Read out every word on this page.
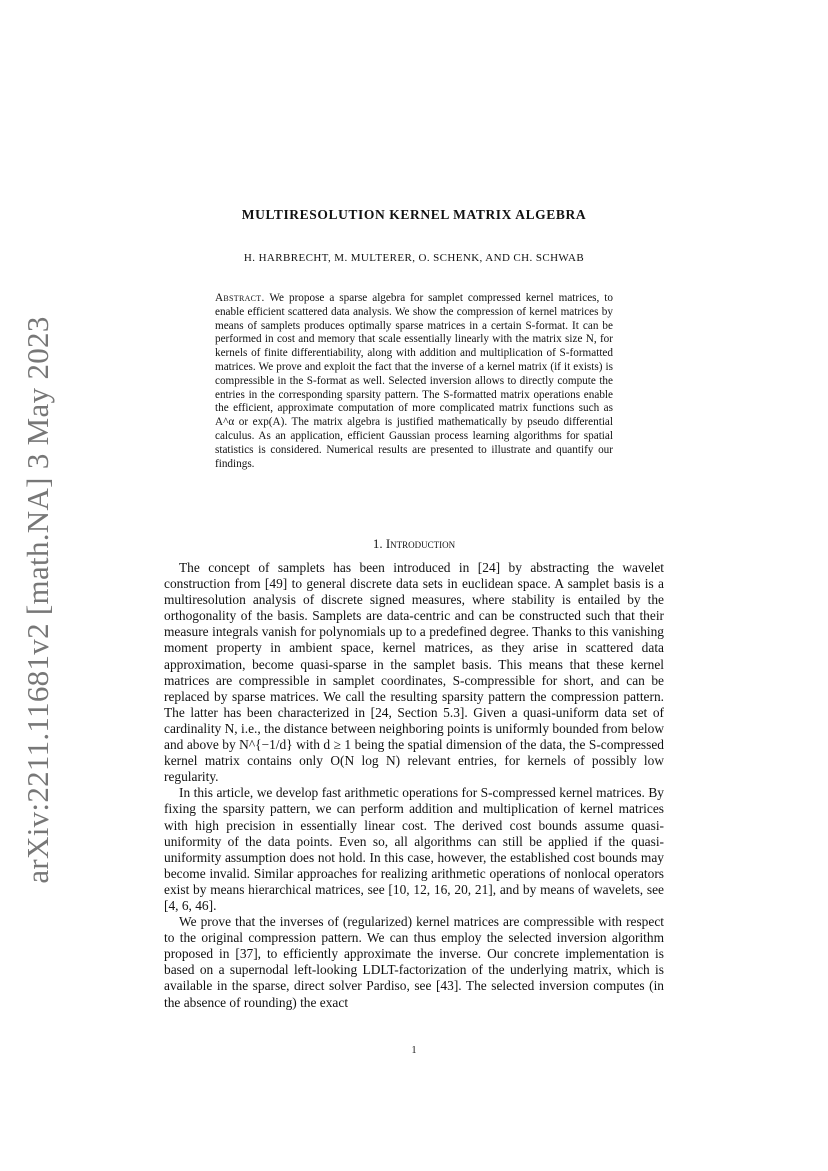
arXiv:2211.11681v2 [math.NA] 3 May 2023
MULTIRESOLUTION KERNEL MATRIX ALGEBRA
H. HARBRECHT, M. MULTERER, O. SCHENK, AND CH. SCHWAB
Abstract. We propose a sparse algebra for samplet compressed kernel matrices, to enable efficient scattered data analysis. We show the compression of kernel matrices by means of samplets produces optimally sparse matrices in a certain S-format. It can be performed in cost and memory that scale essentially linearly with the matrix size N, for kernels of finite differentiability, along with addition and multiplication of S-formatted matrices. We prove and exploit the fact that the inverse of a kernel matrix (if it exists) is compressible in the S-format as well. Selected inversion allows to directly compute the entries in the corresponding sparsity pattern. The S-formatted matrix operations enable the efficient, approximate computation of more complicated matrix functions such as A^α or exp(A). The matrix algebra is justified mathematically by pseudo differential calculus. As an application, efficient Gaussian process learning algorithms for spatial statistics is considered. Numerical results are presented to illustrate and quantify our findings.
1. Introduction

The concept of samplets has been introduced in [24] by abstracting the wavelet construction from [49] to general discrete data sets in euclidean space. A samplet basis is a multiresolution analysis of discrete signed measures, where stability is entailed by the orthogonality of the basis. Samplets are data-centric and can be constructed such that their measure integrals vanish for polynomials up to a predefined degree. Thanks to this vanishing moment property in ambient space, kernel matrices, as they arise in scattered data approximation, become quasi-sparse in the samplet basis. This means that these kernel matrices are compressible in samplet coordinates, S-compressible for short, and can be replaced by sparse matrices. We call the resulting sparsity pattern the compression pattern. The latter has been characterized in [24, Section 5.3]. Given a quasi-uniform data set of cardinality N, i.e., the distance between neighboring points is uniformly bounded from below and above by N^{−1/d} with d ≥ 1 being the spatial dimension of the data, the S-compressed kernel matrix contains only O(N log N) relevant entries, for kernels of possibly low regularity.

In this article, we develop fast arithmetic operations for S-compressed kernel matrices. By fixing the sparsity pattern, we can perform addition and multiplication of kernel matrices with high precision in essentially linear cost. The derived cost bounds assume quasi-uniformity of the data points. Even so, all algorithms can still be applied if the quasi-uniformity assumption does not hold. In this case, however, the established cost bounds may become invalid. Similar approaches for realizing arithmetic operations of nonlocal operators exist by means hierarchical matrices, see [10, 12, 16, 20, 21], and by means of wavelets, see [4, 6, 46].

We prove that the inverses of (regularized) kernel matrices are compressible with respect to the original compression pattern. We can thus employ the selected inversion algorithm proposed in [37], to efficiently approximate the inverse. Our concrete implementation is based on a supernodal left-looking LDLT-factorization of the underlying matrix, which is available in the sparse, direct solver Pardiso, see [43]. The selected inversion computes (in the absence of rounding) the exact

1
